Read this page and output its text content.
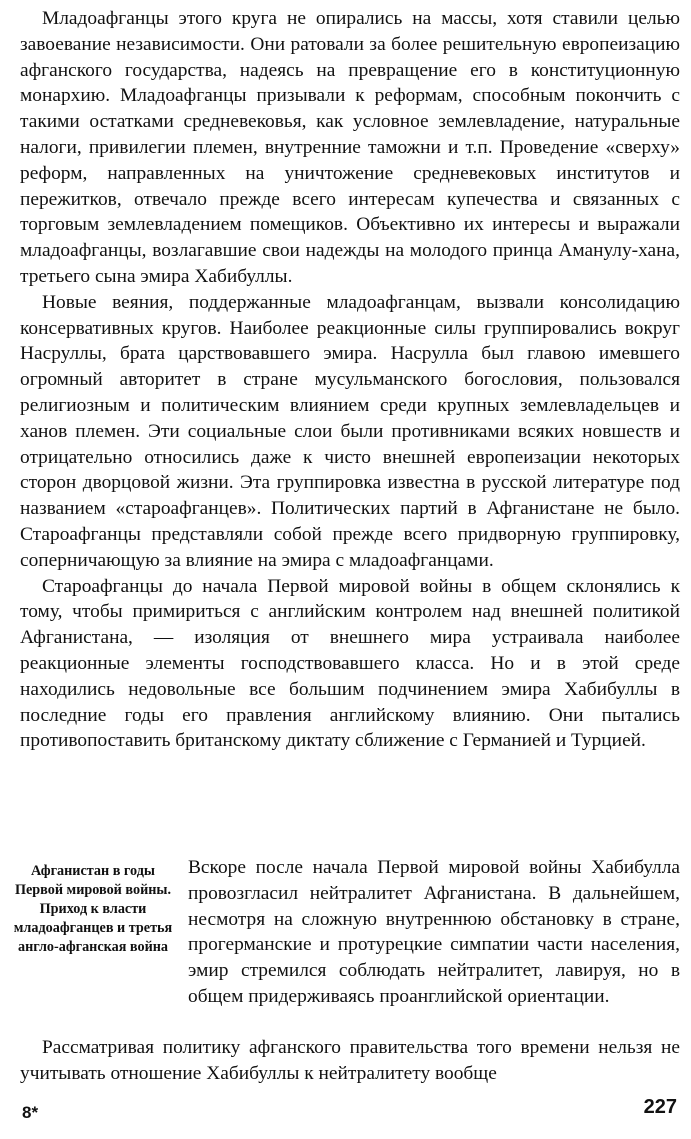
Младоафганцы этого круга не опирались на массы, хотя ставили целью завоевание независимости. Они ратовали за более решительную европеизацию афганского государства, надеясь на превращение его в конституционную монархию. Младоафганцы призывали к реформам, способным покончить с такими остатками средневековья, как условное землевладение, натуральные налоги, привилегии племен, внутренние таможни и т.п. Проведение «сверху» реформ, направленных на уничтожение средневековых институтов и пережитков, отвечало прежде всего интересам купечества и связанных с торговым землевладением помещиков. Объективно их интересы и выражали младоафганцы, возлагавшие свои надежды на молодого принца Аманулу-хана, третьего сына эмира Хабибуллы.

Новые веяния, поддержанные младоафганцам, вызвали консолидацию консервативных кругов. Наиболее реакционные силы группировались вокруг Насруллы, брата царствовавшего эмира. Насрулла был главою имевшего огромный авторитет в стране мусульманского богословия, пользовался религиозным и политическим влиянием среди крупных землевладельцев и ханов племен. Эти социальные слои были противниками всяких новшеств и отрицательно относились даже к чисто внешней европеизации некоторых сторон дворцовой жизни. Эта группировка известна в русской литературе под названием «староафганцев». Политических партий в Афганистане не было. Староафганцы представляли собой прежде всего придворную группировку, соперничающую за влияние на эмира с младоафганцами.

Староафганцы до начала Первой мировой войны в общем склонялись к тому, чтобы примириться с английским контролем над внешней политикой Афганистана, — изоляция от внешнего мира устраивала наиболее реакционные элементы господствовавшего класса. Но и в этой среде находились недовольные все большим подчинением эмира Хабибуллы в последние годы его правления английскому влиянию. Они пытались противопоставить британскому диктату сближение с Германией и Турцией.

Афганистан в годы Первой мировой войны. Приход к власти младоафганцев и третья англо-афганская война

Вскоре после начала Первой мировой войны Хабибулла провозгласил нейтралитет Афганистана. В дальнейшем, несмотря на сложную внутреннюю обстановку в стране, прогерманские и протурецкие симпатии части населения, эмир стремился соблюдать нейтралитет, лавируя, но в общем придерживаясь проанглийской ориентации.

Рассматривая политику афганского правительства того времени нельзя не учитывать отношение Хабибуллы к нейтралитету вообще

8*	227
